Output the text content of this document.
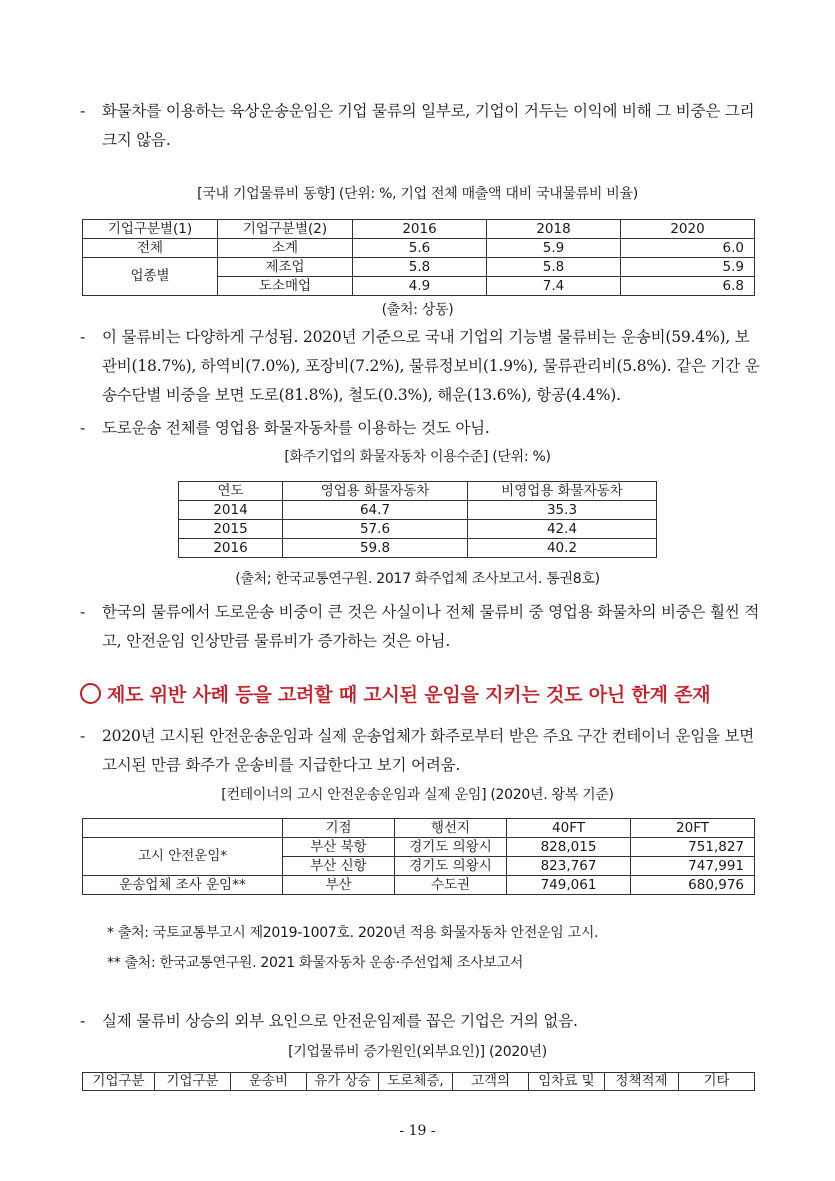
- 화물차를 이용하는 육상운송운임은 기업 물류의 일부로, 기업이 거두는 이익에 비해 그 비중은 그리 크지 않음.
[국내 기업물류비 동향] (단위: %, 기업 전체 매출액 대비 국내물류비 비율)
기업구분별(1)	기업구분별(2)	2016	2018	2020
전체	소계	5.6	5.9	6.0
업종별	제조업	5.8	5.8	5.9
	도소매업	4.9	7.4	6.8
(출처: 상동)
- 이 물류비는 다양하게 구성됨. 2020년 기준으로 국내 기업의 기능별 물류비는 운송비(59.4%), 보관비(18.7%), 하역비(7.0%), 포장비(7.2%), 물류정보비(1.9%), 물류관리비(5.8%). 같은 기간 운송수단별 비중을 보면 도로(81.8%), 철도(0.3%), 해운(13.6%), 항공(4.4%).
- 도로운송 전체를 영업용 화물자동차를 이용하는 것도 아님.
[화주기업의 화물자동차 이용수준] (단위: %)
연도	영업용 화물자동차	비영업용 화물자동차
2014	64.7	35.3
2015	57.6	42.4
2016	59.8	40.2
(출처; 한국교통연구원. 2017 화주업체 조사보고서. 통권8호)
- 한국의 물류에서 도로운송 비중이 큰 것은 사실이나 전체 물류비 중 영업용 화물차의 비중은 훨씬 적고, 안전운임 인상만큼 물류비가 증가하는 것은 아님.
제도 위반 사례 등을 고려할 때 고시된 운임을 지키는 것도 아닌 한계 존재
- 2020년 고시된 안전운송운임과 실제 운송업체가 화주로부터 받은 주요 구간 컨테이너 운임을 보면 고시된 만큼 화주가 운송비를 지급한다고 보기 어려움.
[컨테이너의 고시 안전운송운임과 실제 운임] (2020년. 왕복 기준)
	기점	행선지	40FT	20FT
고시 안전운임*	부산 북항	경기도 의왕시	828,015	751,827
	부산 신항	경기도 의왕시	823,767	747,991
운송업체 조사 운임**	부산	수도권	749,061	680,976
* 출처: 국토교통부고시 제2019-1007호. 2020년 적용 화물자동차 안전운임 고시.
** 출처: 한국교통연구원. 2021 화물자동차 운송·주선업체 조사보고서
- 실제 물류비 상승의 외부 요인으로 안전운임제를 꼽은 기업은 거의 없음.
[기업물류비 증가원인(외부요인)] (2020년)
기업구분	기업구분	운송비	유가 상승	도로체증,	고객의	임차료 및	정책적제	기타
- 19 -
